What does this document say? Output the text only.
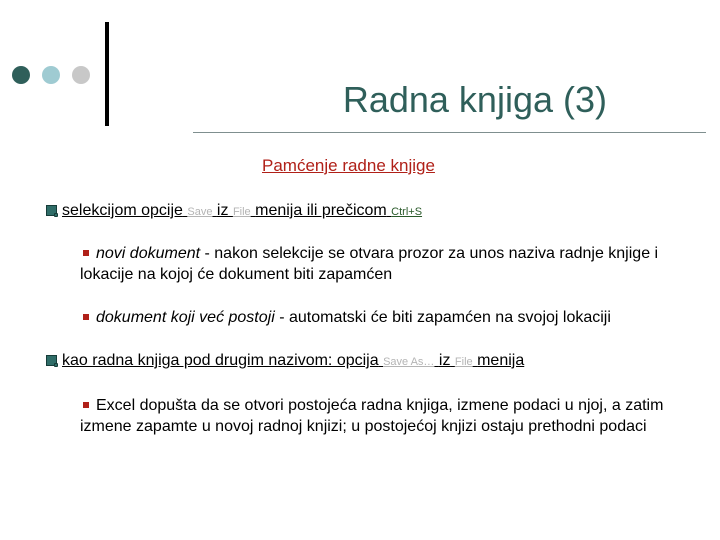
Radna knjiga (3)
Pamćenje radne knjige
selekcijom opcije Save iz File menija ili prečicom Ctrl+S
novi dokument - nakon selekcije se otvara prozor za unos naziva radnje knjige i lokacije na kojoj će dokument biti zapamćen
dokument koji već postoji - automatski će biti zapamćen na svojoj lokaciji
kao radna knjiga pod drugim nazivom: opcija Save As… iz File menija
Excel dopušta da se otvori postojeća radna knjiga, izmene podaci u njoj, a zatim izmene zapamte u novoj radnoj knjizi; u postojećoj knjizi ostaju prethodni podaci
